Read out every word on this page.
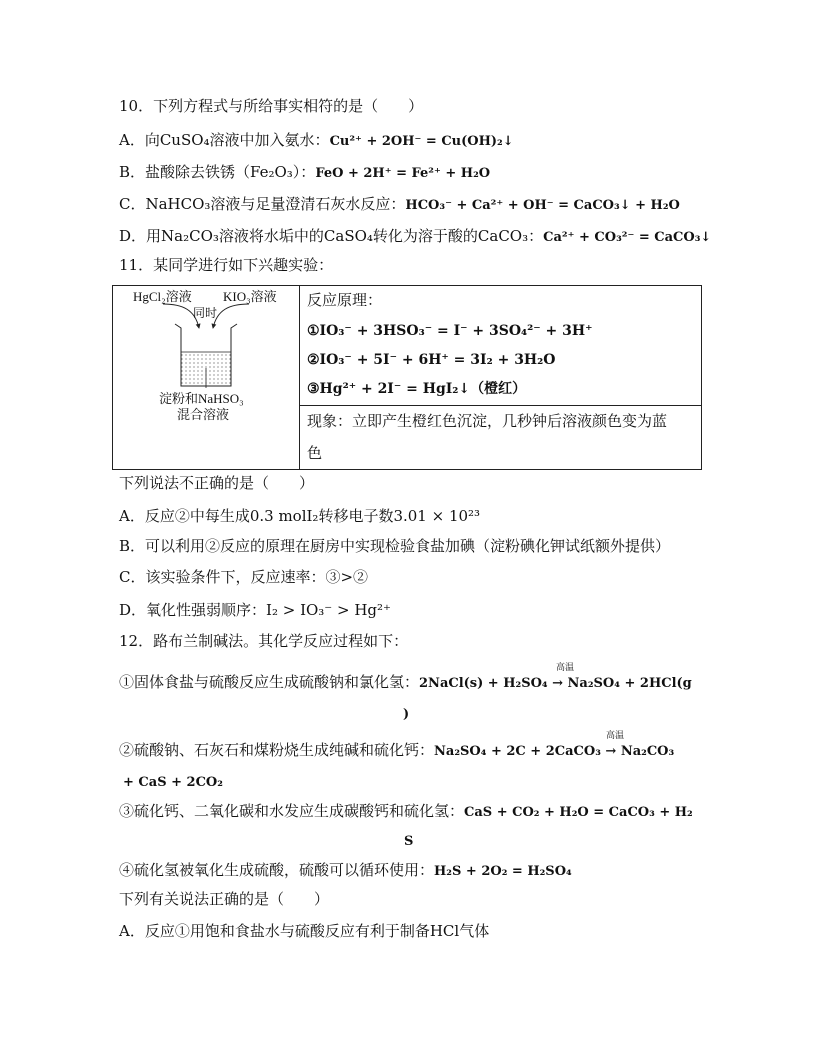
10．下列方程式与所给事实相符的是（　　）
A．向CuSO₄溶液中加入氨水：Cu²⁺ + 2OH⁻ = Cu(OH)₂↓
B．盐酸除去铁锈（Fe₂O₃）：FeO + 2H⁺ = Fe²⁺ + H₂O
C．NaHCO₃溶液与足量澄清石灰水反应：HCO₃⁻ + Ca²⁺ + OH⁻ = CaCO₃↓ + H₂O
D．用Na₂CO₃溶液将水垢中的CaSO₄转化为溶于酸的CaCO₃：Ca²⁺ + CO₃²⁻ = CaCO₃↓
11．某同学进行如下兴趣实验：
HgCl₂溶液 KIO₃溶液
同时
淀粉和NaHSO₃
混合溶液
反应原理：
①IO₃⁻ + 3HSO₃⁻ = I⁻ + 3SO₄²⁻ + 3H⁺
②IO₃⁻ + 5I⁻ + 6H⁺ = 3I₂ + 3H₂O
③Hg²⁺ + 2I⁻ = HgI₂↓（橙红）
现象：立即产生橙红色沉淀，几秒钟后溶液颜色变为蓝
色
下列说法不正确的是（　　）
A．反应②中每生成0.3 molI₂转移电子数3.01 × 10²³
B．可以利用②反应的原理在厨房中实现检验食盐加碘（淀粉碘化钾试纸额外提供）
C．该实验条件下，反应速率：③>②
D．氧化性强弱顺序：I₂ > IO₃⁻ > Hg²⁺
12．路布兰制碱法。其化学反应过程如下：
高温
①固体食盐与硫酸反应生成硫酸钠和氯化氢：2NaCl(s) + H₂SO₄ → Na₂SO₄ + 2HCl(g
)
高温
②硫酸钠、石灰石和煤粉烧生成纯碱和硫化钙：Na₂SO₄ + 2C + 2CaCO₃ → Na₂CO₃
+ CaS + 2CO₂
③硫化钙、二氧化碳和水发应生成碳酸钙和硫化氢：CaS + CO₂ + H₂O = CaCO₃ + H₂
S
④硫化氢被氧化生成硫酸，硫酸可以循环使用：H₂S + 2O₂ = H₂SO₄
下列有关说法正确的是（　　）
A．反应①用饱和食盐水与硫酸反应有利于制备HCl气体
